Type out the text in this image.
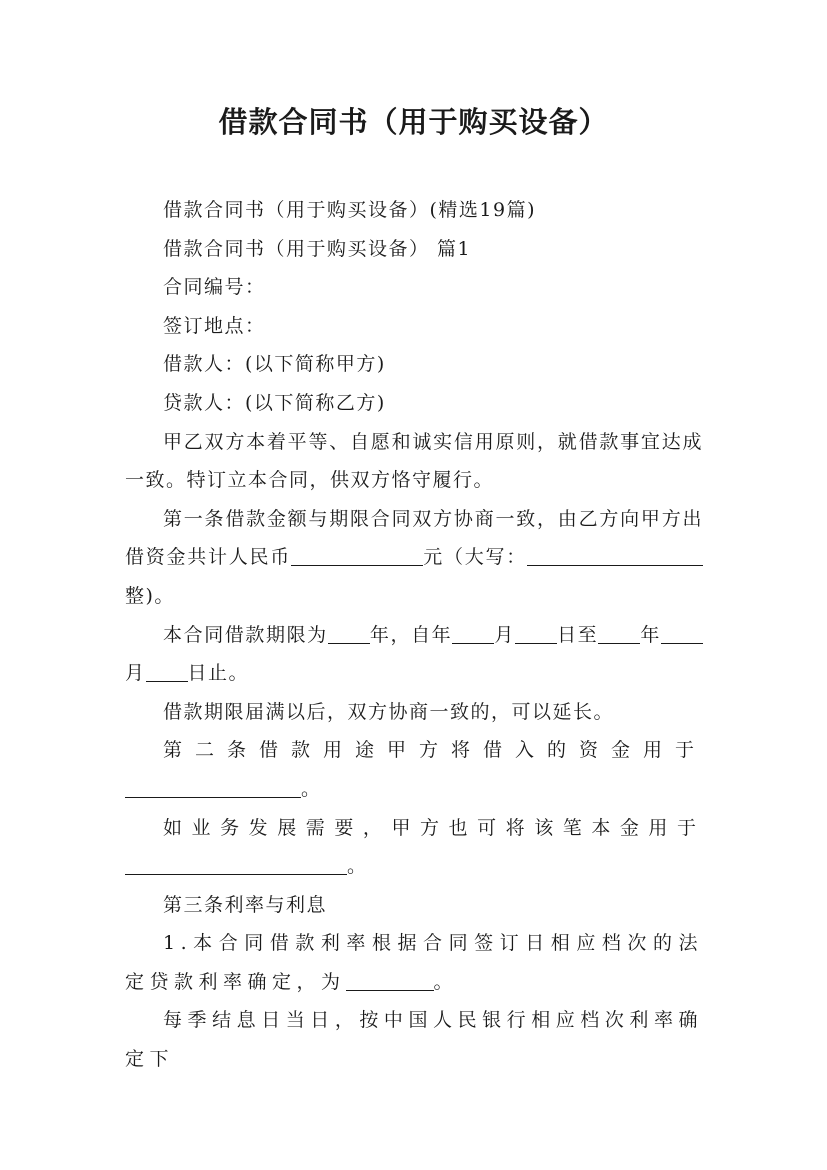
借款合同书（用于购买设备）

借款合同书（用于购买设备）(精选19篇)

借款合同书（用于购买设备） 篇1

合同编号：

签订地点：

借款人：(以下简称甲方)

贷款人：(以下简称乙方)

甲乙双方本着平等、自愿和诚实信用原则，就借款事宜达成一致。特订立本合同，供双方恪守履行。

第一条借款金额与期限合同双方协商一致，由乙方向甲方出借资金共计人民币	元（大写：整)。

本合同借款期限为 年，自年 月 日至 年月 日止。

借款期限届满以后，双方协商一致的，可以延长。

第二条借款用途甲方将借入的资金用于。

如业务发展需要，甲方也可将该笔本金用于。

第三条利率与利息

1.本合同借款利率根据合同签订日相应档次的法定贷款利率确定，为	。

每季结息日当日，按中国人民银行相应档次利率确定下
